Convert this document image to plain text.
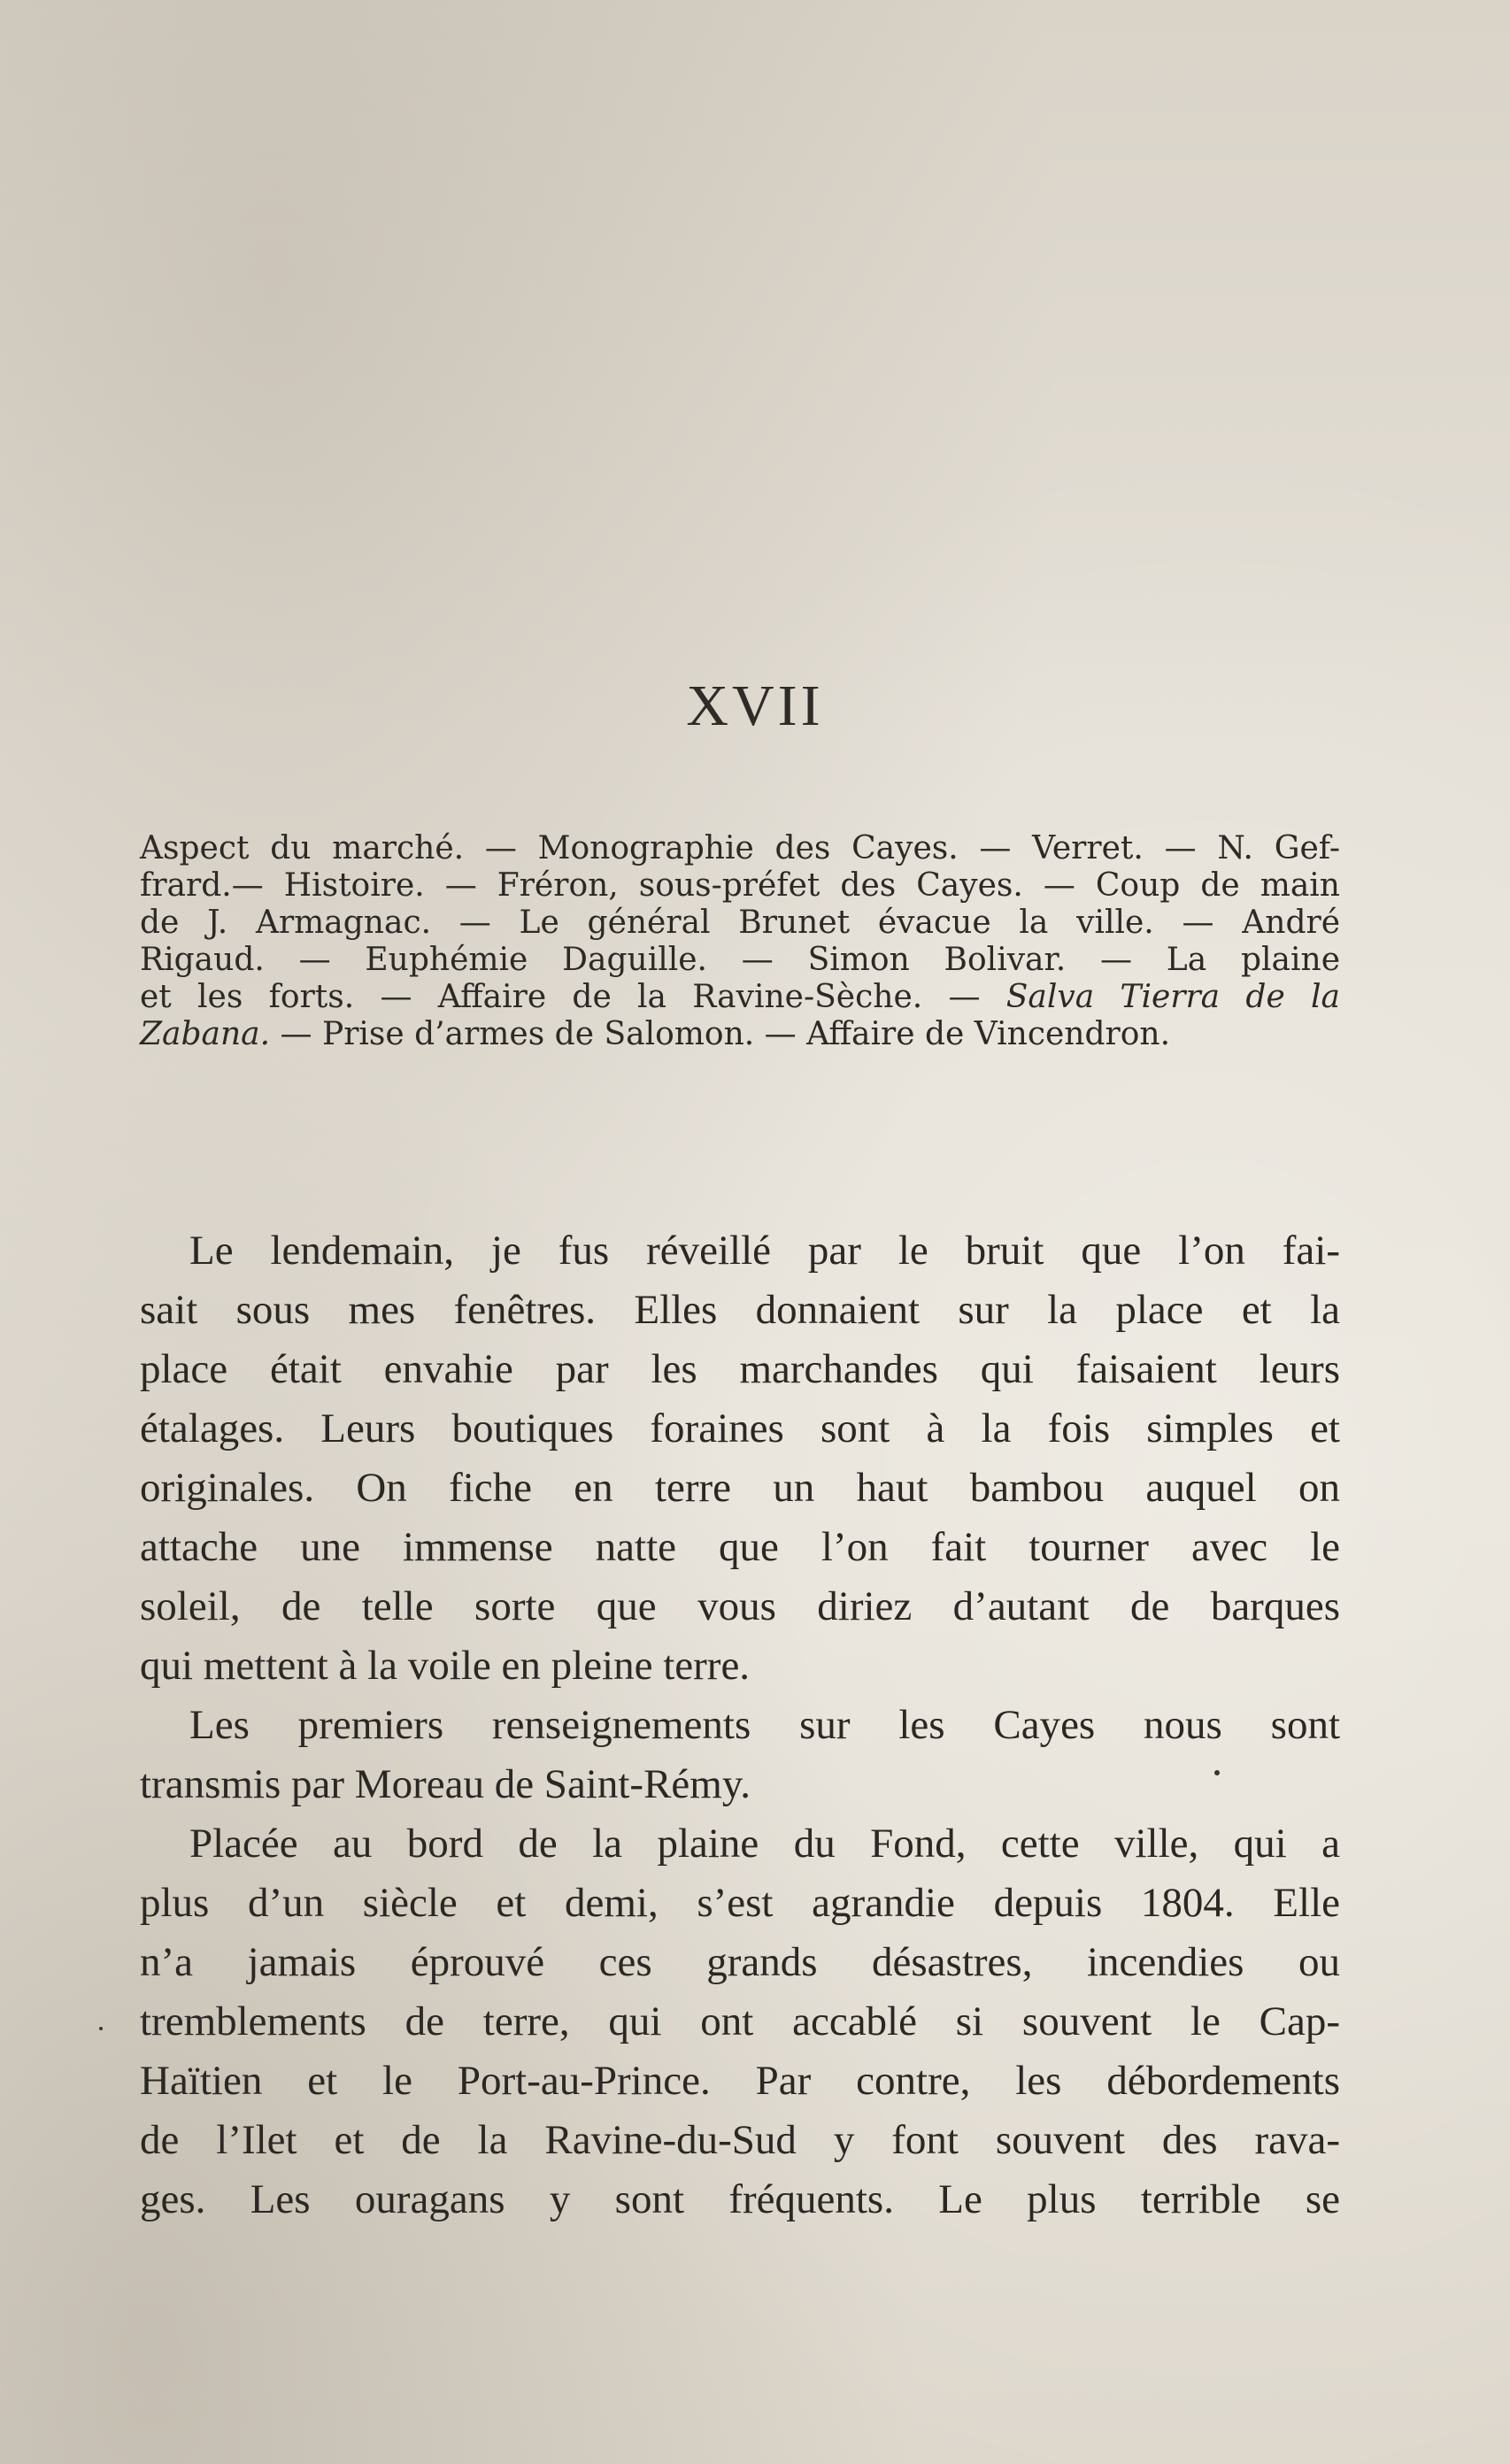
XVII
Aspect du marché. — Monographie des Cayes. — Verret. — N. Gef-
frard.— Histoire. — Fréron, sous-préfet des Cayes. — Coup de main
de J. Armagnac. — Le général Brunet évacue la ville. — André
Rigaud. — Euphémie Daguille. — Simon Bolivar. — La plaine
et les forts. — Affaire de la Ravine-Sèche. — Salva Tierra de la
Zabana. — Prise d’armes de Salomon. — Affaire de Vincendron.
Le lendemain, je fus réveillé par le bruit que l’on fai-
sait sous mes fenêtres. Elles donnaient sur la place et la
place était envahie par les marchandes qui faisaient leurs
étalages. Leurs boutiques foraines sont à la fois simples et
originales. On fiche en terre un haut bambou auquel on
attache une immense natte que l’on fait tourner avec le
soleil, de telle sorte que vous diriez d’autant de barques
qui mettent à la voile en pleine terre.
Les premiers renseignements sur les Cayes nous sont
transmis par Moreau de Saint-Rémy.
Placée au bord de la plaine du Fond, cette ville, qui a
plus d’un siècle et demi, s’est agrandie depuis 1804. Elle
n’a jamais éprouvé ces grands désastres, incendies ou
tremblements de terre, qui ont accablé si souvent le Cap-
Haïtien et le Port-au-Prince. Par contre, les débordements
de l’Ilet et de la Ravine-du-Sud y font souvent des rava-
ges. Les ouragans y sont fréquents. Le plus terrible se
